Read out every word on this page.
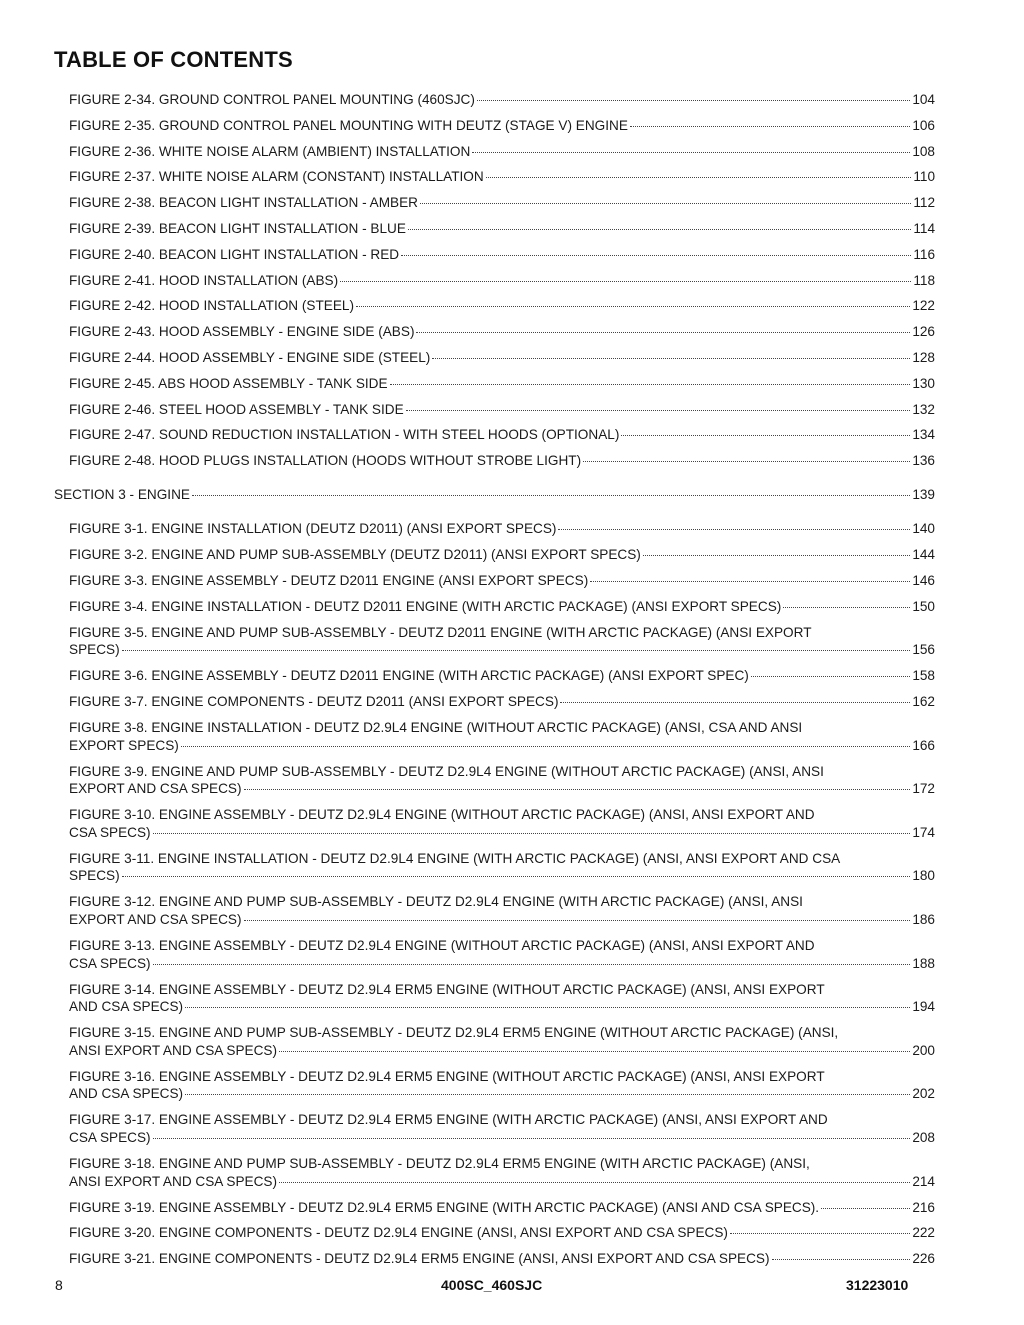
TABLE OF CONTENTS
FIGURE 2-34. GROUND CONTROL PANEL MOUNTING (460SJC)	104
FIGURE 2-35. GROUND CONTROL PANEL MOUNTING WITH DEUTZ (STAGE V) ENGINE	106
FIGURE 2-36. WHITE NOISE ALARM (AMBIENT) INSTALLATION	108
FIGURE 2-37. WHITE NOISE ALARM (CONSTANT) INSTALLATION	110
FIGURE 2-38. BEACON LIGHT INSTALLATION - AMBER	112
FIGURE 2-39. BEACON LIGHT INSTALLATION - BLUE	114
FIGURE 2-40. BEACON LIGHT INSTALLATION - RED	116
FIGURE 2-41. HOOD INSTALLATION (ABS)	118
FIGURE 2-42. HOOD INSTALLATION (STEEL)	122
FIGURE 2-43. HOOD ASSEMBLY - ENGINE SIDE (ABS)	126
FIGURE 2-44. HOOD ASSEMBLY - ENGINE SIDE (STEEL)	128
FIGURE 2-45. ABS HOOD ASSEMBLY - TANK SIDE	130
FIGURE 2-46. STEEL HOOD ASSEMBLY - TANK SIDE	132
FIGURE 2-47. SOUND REDUCTION INSTALLATION - WITH STEEL HOODS (OPTIONAL)	134
FIGURE 2-48. HOOD PLUGS INSTALLATION (HOODS WITHOUT STROBE LIGHT)	136
SECTION 3 - ENGINE	139
FIGURE 3-1. ENGINE INSTALLATION (DEUTZ D2011) (ANSI EXPORT SPECS)	140
FIGURE 3-2. ENGINE AND PUMP SUB-ASSEMBLY (DEUTZ D2011) (ANSI EXPORT SPECS)	144
FIGURE 3-3. ENGINE ASSEMBLY - DEUTZ D2011 ENGINE (ANSI EXPORT SPECS)	146
FIGURE 3-4. ENGINE INSTALLATION - DEUTZ D2011 ENGINE (WITH ARCTIC PACKAGE) (ANSI EXPORT SPECS)	150
FIGURE 3-5. ENGINE AND PUMP SUB-ASSEMBLY - DEUTZ D2011 ENGINE (WITH ARCTIC PACKAGE) (ANSI EXPORT
SPECS)	156
FIGURE 3-6. ENGINE ASSEMBLY - DEUTZ D2011 ENGINE (WITH ARCTIC PACKAGE) (ANSI EXPORT SPEC)	158
FIGURE 3-7. ENGINE COMPONENTS - DEUTZ D2011 (ANSI EXPORT SPECS)	162
FIGURE 3-8. ENGINE INSTALLATION - DEUTZ D2.9L4 ENGINE (WITHOUT ARCTIC PACKAGE) (ANSI, CSA AND ANSI
EXPORT SPECS)	166
FIGURE 3-9. ENGINE AND PUMP SUB-ASSEMBLY - DEUTZ D2.9L4 ENGINE (WITHOUT ARCTIC PACKAGE) (ANSI, ANSI
EXPORT AND CSA SPECS)	172
FIGURE 3-10. ENGINE ASSEMBLY - DEUTZ D2.9L4 ENGINE (WITHOUT ARCTIC PACKAGE) (ANSI, ANSI EXPORT AND
CSA SPECS)	174
FIGURE 3-11. ENGINE INSTALLATION - DEUTZ D2.9L4 ENGINE (WITH ARCTIC PACKAGE) (ANSI, ANSI EXPORT AND CSA
SPECS)	180
FIGURE 3-12. ENGINE AND PUMP SUB-ASSEMBLY - DEUTZ D2.9L4 ENGINE (WITH ARCTIC PACKAGE) (ANSI, ANSI
EXPORT AND CSA SPECS)	186
FIGURE 3-13. ENGINE ASSEMBLY - DEUTZ D2.9L4 ENGINE (WITHOUT ARCTIC PACKAGE) (ANSI, ANSI EXPORT AND
CSA SPECS)	188
FIGURE 3-14. ENGINE ASSEMBLY - DEUTZ D2.9L4 ERM5 ENGINE (WITHOUT ARCTIC PACKAGE) (ANSI, ANSI EXPORT
AND CSA SPECS)	194
FIGURE 3-15. ENGINE AND PUMP SUB-ASSEMBLY - DEUTZ D2.9L4 ERM5 ENGINE (WITHOUT ARCTIC PACKAGE) (ANSI,
ANSI EXPORT AND CSA SPECS)	200
FIGURE 3-16. ENGINE ASSEMBLY - DEUTZ D2.9L4 ERM5 ENGINE (WITHOUT ARCTIC PACKAGE) (ANSI, ANSI EXPORT
AND CSA SPECS)	202
FIGURE 3-17. ENGINE ASSEMBLY - DEUTZ D2.9L4 ERM5 ENGINE (WITH ARCTIC PACKAGE) (ANSI, ANSI EXPORT AND
CSA SPECS)	208
FIGURE 3-18. ENGINE AND PUMP SUB-ASSEMBLY - DEUTZ D2.9L4 ERM5 ENGINE (WITH ARCTIC PACKAGE) (ANSI,
ANSI EXPORT AND CSA SPECS)	214
FIGURE 3-19. ENGINE ASSEMBLY - DEUTZ D2.9L4 ERM5 ENGINE (WITH ARCTIC PACKAGE) (ANSI AND CSA SPECS).	216
FIGURE 3-20. ENGINE COMPONENTS - DEUTZ D2.9L4 ENGINE (ANSI, ANSI EXPORT AND CSA SPECS)	222
FIGURE 3-21. ENGINE COMPONENTS - DEUTZ D2.9L4 ERM5 ENGINE (ANSI, ANSI EXPORT AND CSA SPECS)	226
8	400SC_460SJC	31223010
